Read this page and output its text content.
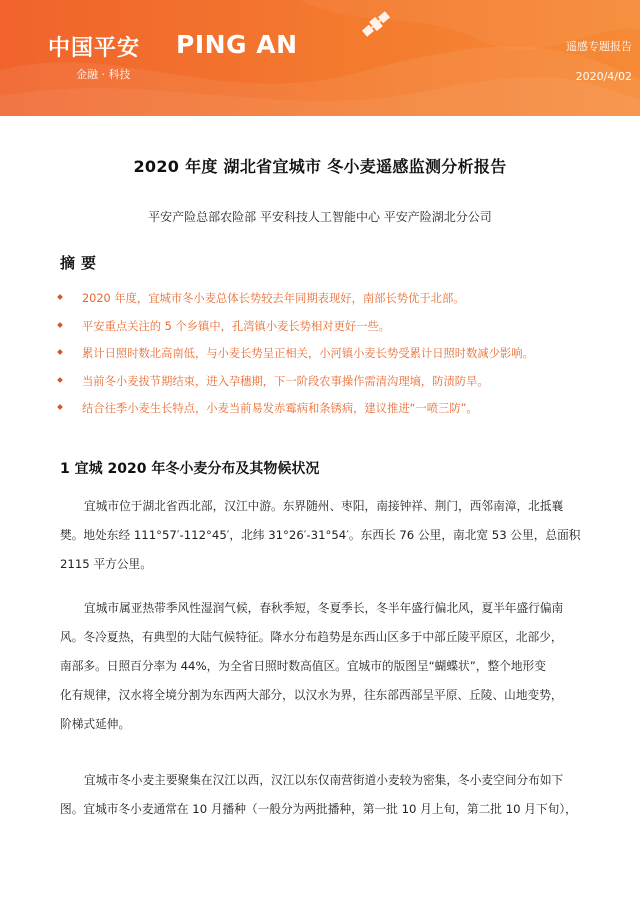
中国平安 PING AN
金融 · 科技
遥感专题报告
2020/4/02
2020 年度 湖北省宜城市 冬小麦遥感监测分析报告
平安产险总部农险部 平安科技人工智能中心 平安产险湖北分公司
摘要
2020 年度，宜城市冬小麦总体长势较去年同期表现好，南部长势优于北部。
平安重点关注的 5 个乡镇中，孔湾镇小麦长势相对更好一些。
累计日照时数北高南低，与小麦长势呈正相关，小河镇小麦长势受累计日照时数减少影响。
当前冬小麦拔节期结束，进入孕穗期，下一阶段农事操作需清沟理墒，防渍防旱。
结合往季小麦生长特点，小麦当前易发赤霉病和条锈病，建议推进“一喷三防”。
1 宜城 2020 年冬小麦分布及其物候状况

宜城市位于湖北省西北部，汉江中游。东界随州、枣阳，南接钟祥、荆门，西邻南漳，北抵襄
樊。地处东经 111°57′-112°45′，北纬 31°26′-31°54′。东西长 76 公里，南北宽 53 公里，总面积
2115 平方公里。

宜城市属亚热带季风性湿润气候，春秋季短，冬夏季长，冬半年盛行偏北风，夏半年盛行偏南
风。冬冷夏热，有典型的大陆气候特征。降水分布趋势是东西山区多于中部丘陵平原区，北部少，
南部多。日照百分率为 44%，为全省日照时数高值区。宜城市的版图呈“蝴蝶状”，整个地形变
化有规律，汉水将全境分割为东西两大部分，以汉水为界，往东部西部呈平原、丘陵、山地变势，
阶梯式延伸。

宜城市冬小麦主要聚集在汉江以西，汉江以东仅南营街道小麦较为密集，冬小麦空间分布如下
图。宜城市冬小麦通常在 10 月播种（一般分为两批播种，第一批 10 月上旬，第二批 10 月下旬），
